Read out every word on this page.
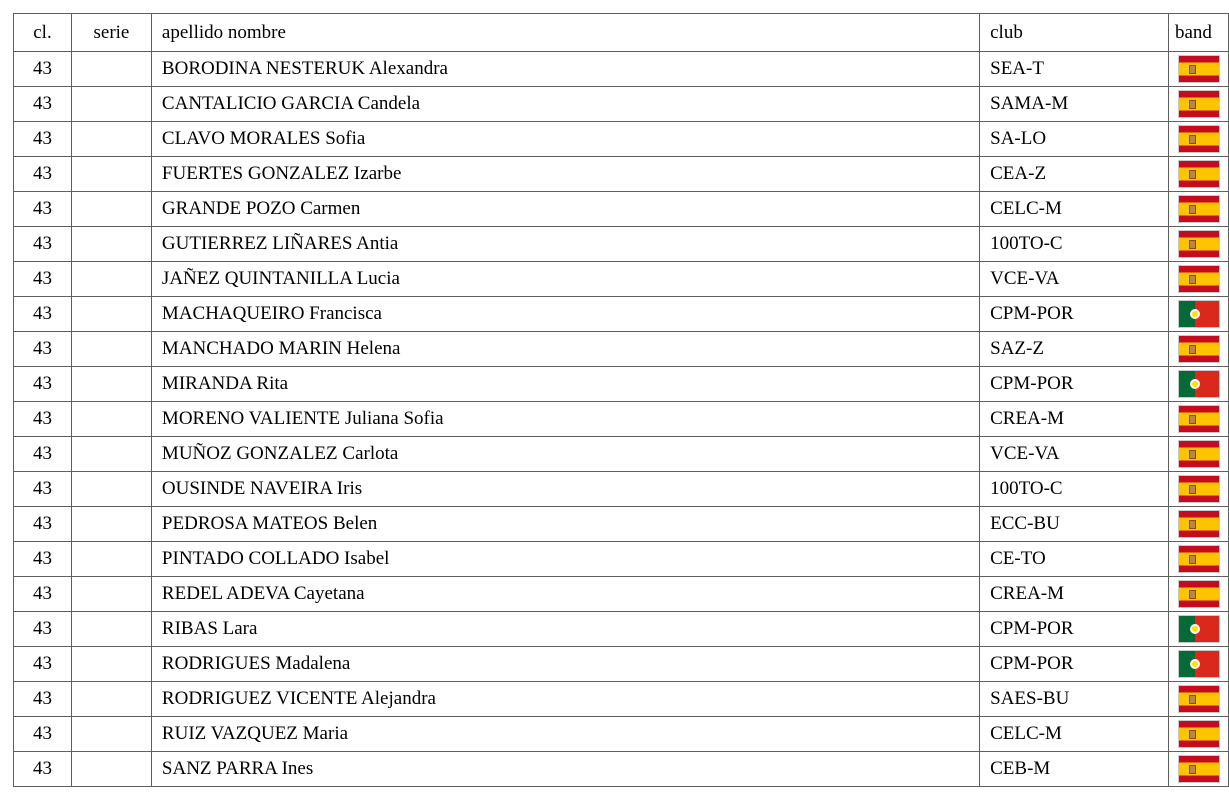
cl.	serie	apellido nombre	club	band
43		BORODINA NESTERUK Alexandra	SEA-T	
43		CANTALICIO GARCIA Candela	SAMA-M	
43		CLAVO MORALES Sofia	SA-LO	
43		FUERTES GONZALEZ Izarbe	CEA-Z	
43		GRANDE POZO Carmen	CELC-M	
43		GUTIERREZ LIÑARES Antia	100TO-C	
43		JAÑEZ QUINTANILLA Lucia	VCE-VA	
43		MACHAQUEIRO Francisca	CPM-POR	
43		MANCHADO MARIN Helena	SAZ-Z	
43		MIRANDA Rita	CPM-POR	
43		MORENO VALIENTE Juliana Sofia	CREA-M	
43		MUÑOZ GONZALEZ Carlota	VCE-VA	
43		OUSINDE NAVEIRA Iris	100TO-C	
43		PEDROSA MATEOS Belen	ECC-BU	
43		PINTADO COLLADO Isabel	CE-TO	
43		REDEL ADEVA Cayetana	CREA-M	
43		RIBAS Lara	CPM-POR	
43		RODRIGUES Madalena	CPM-POR	
43		RODRIGUEZ VICENTE Alejandra	SAES-BU	
43		RUIZ VAZQUEZ Maria	CELC-M	
43		SANZ PARRA Ines	CEB-M	
